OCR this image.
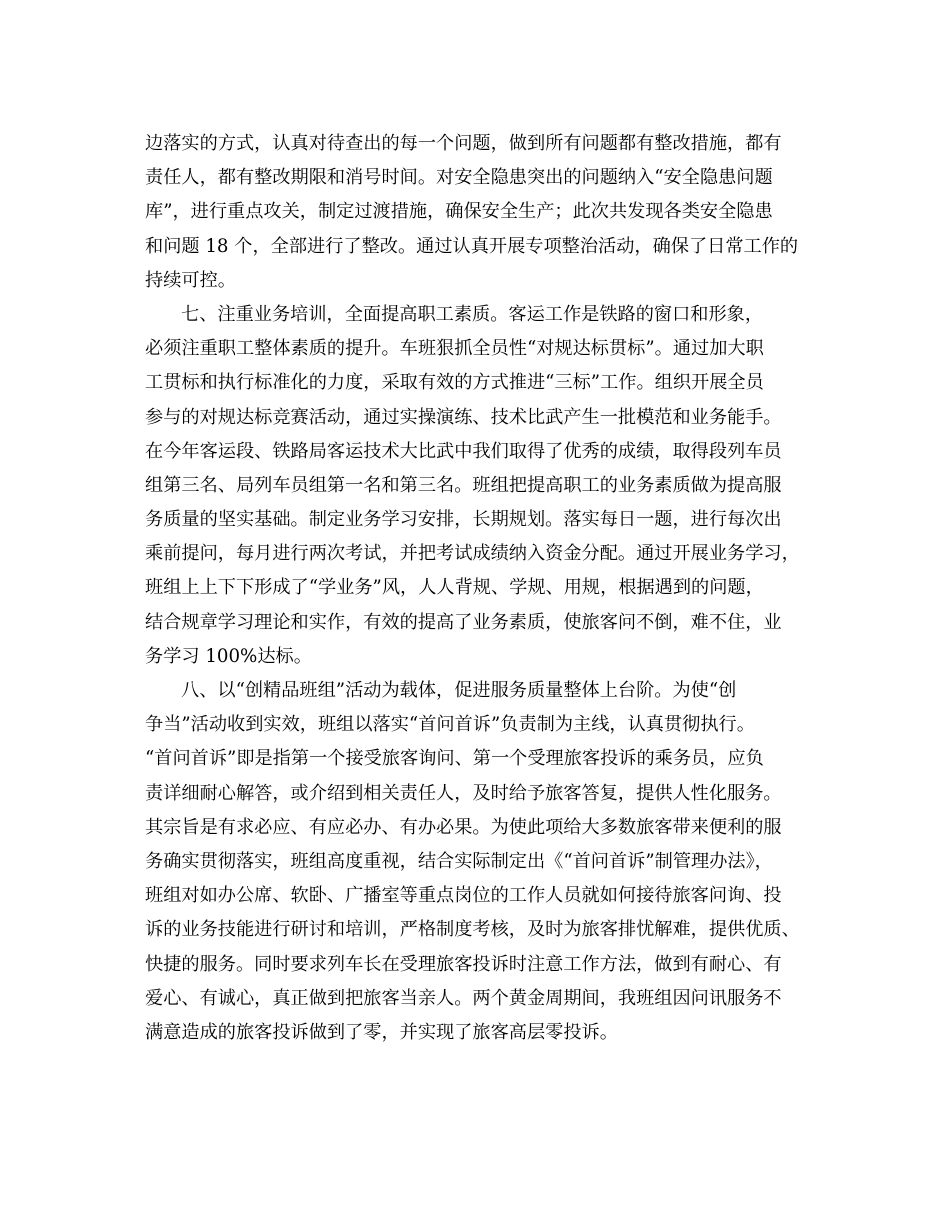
边落实的方式，认真对待查出的每一个问题，做到所有问题都有整改措施，都有
责任人，都有整改期限和消号时间。对安全隐患突出的问题纳入“安全隐患问题
库”，进行重点攻关，制定过渡措施，确保安全生产；此次共发现各类安全隐患
和问题 18 个，全部进行了整改。通过认真开展专项整治活动，确保了日常工作的
持续可控。
七、注重业务培训，全面提高职工素质。客运工作是铁路的窗口和形象，
必须注重职工整体素质的提升。车班狠抓全员性“对规达标贯标”。通过加大职
工贯标和执行标准化的力度，采取有效的方式推进“三标”工作。组织开展全员
参与的对规达标竞赛活动，通过实操演练、技术比武产生一批模范和业务能手。
在今年客运段、铁路局客运技术大比武中我们取得了优秀的成绩，取得段列车员
组第三名、局列车员组第一名和第三名。班组把提高职工的业务素质做为提高服
务质量的坚实基础。制定业务学习安排，长期规划。落实每日一题，进行每次出
乘前提问，每月进行两次考试，并把考试成绩纳入资金分配。通过开展业务学习，
班组上上下下形成了“学业务”风，人人背规、学规、用规，根据遇到的问题，
结合规章学习理论和实作，有效的提高了业务素质，使旅客问不倒，难不住，业
务学习 100%达标。
八、以“创精品班组”活动为载体，促进服务质量整体上台阶。为使“创
争当”活动收到实效，班组以落实“首问首诉”负责制为主线，认真贯彻执行。
“首问首诉”即是指第一个接受旅客询问、第一个受理旅客投诉的乘务员，应负
责详细耐心解答，或介绍到相关责任人，及时给予旅客答复，提供人性化服务。
其宗旨是有求必应、有应必办、有办必果。为使此项给大多数旅客带来便利的服
务确实贯彻落实，班组高度重视，结合实际制定出《“首问首诉”制管理办法》，
班组对如办公席、软卧、广播室等重点岗位的工作人员就如何接待旅客问询、投
诉的业务技能进行研讨和培训，严格制度考核，及时为旅客排忧解难，提供优质、
快捷的服务。同时要求列车长在受理旅客投诉时注意工作方法，做到有耐心、有
爱心、有诚心，真正做到把旅客当亲人。两个黄金周期间，我班组因问讯服务不
满意造成的旅客投诉做到了零，并实现了旅客高层零投诉。
